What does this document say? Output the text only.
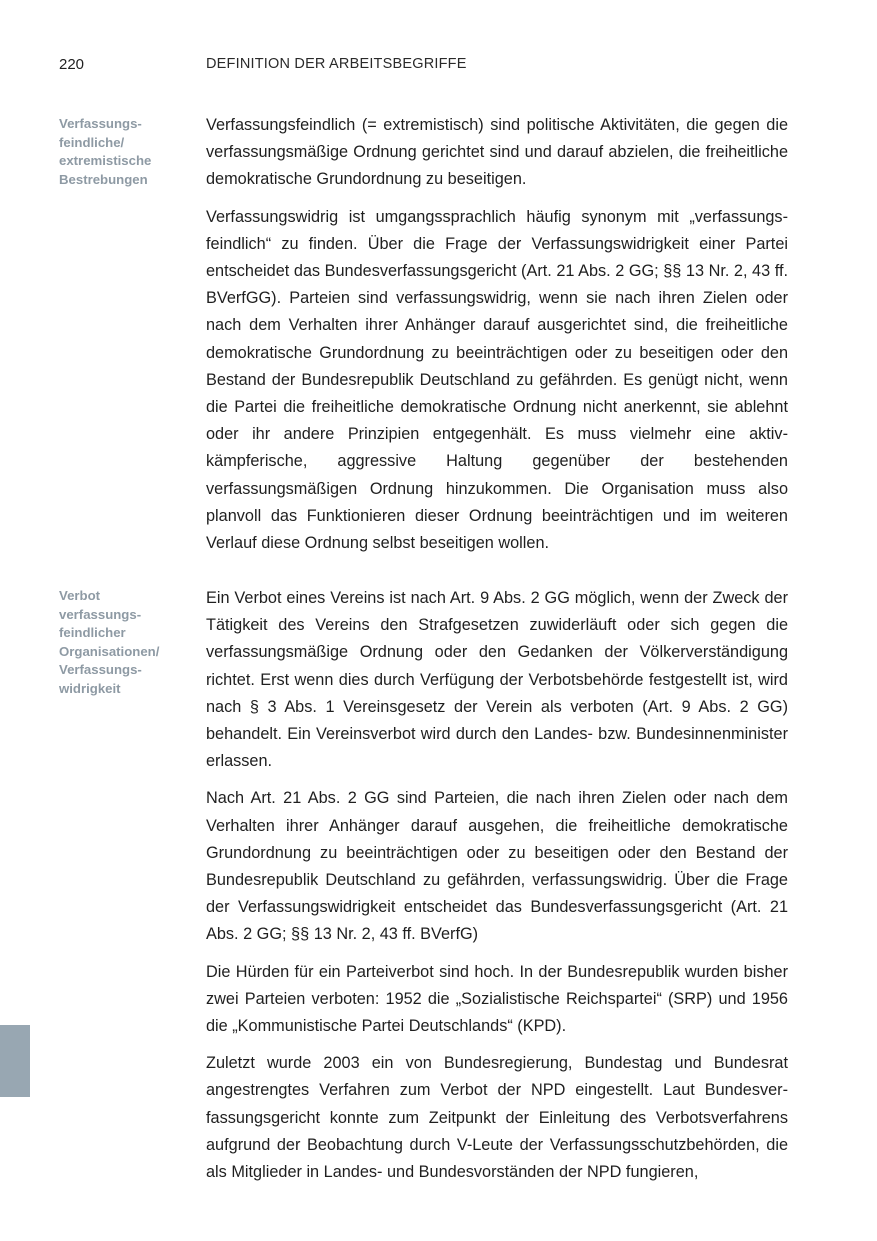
220	DEFINITION DER ARBEITSBEGRIFFE
Verfassungs-
feindliche/
extremistische
Bestrebungen

Verfassungsfeindlich (= extremistisch) sind politische Aktivitäten, die gegen die verfassungsmäßige Ordnung gerichtet sind und darauf abzielen, die freiheitliche demokratische Grundordnung zu beseitigen.

Verfassungswidrig ist umgangssprachlich häufig synonym mit „verfassungsfeindlich“ zu finden. Über die Frage der Verfassungswidrigkeit einer Partei entscheidet das Bundesverfassungsgericht (Art. 21 Abs. 2 GG; §§ 13 Nr. 2, 43 ff. BVerfGG). Parteien sind verfassungswidrig, wenn sie nach ihren Zielen oder nach dem Verhalten ihrer Anhänger darauf ausgerichtet sind, die freiheitliche demokratische Grundordnung zu beeinträchtigen oder zu beseitigen oder den Bestand der Bundesrepublik Deutschland zu gefährden. Es genügt nicht, wenn die Partei die freiheitliche demokratische Ordnung nicht anerkennt, sie ablehnt oder ihr andere Prinzipien entgegenhält. Es muss vielmehr eine aktiv-kämpferische, aggressive Haltung gegenüber der bestehenden verfassungsmäßigen Ordnung hinzukommen. Die Organisation muss also planvoll das Funktionieren dieser Ordnung beeinträchtigen und im weiteren Verlauf diese Ordnung selbst beseitigen wollen.

Verbot
verfassungs-
feindlicher
Organisationen/
Verfassungs-
widrigkeit

Ein Verbot eines Vereins ist nach Art. 9 Abs. 2 GG möglich, wenn der Zweck der Tätigkeit des Vereins den Strafgesetzen zuwiderläuft oder sich gegen die verfassungsmäßige Ordnung oder den Gedanken der Völkerverständigung richtet. Erst wenn dies durch Verfügung der Verbotsbehörde festgestellt ist, wird nach § 3 Abs. 1 Vereinsgesetz der Verein als verboten (Art. 9 Abs. 2 GG) behandelt. Ein Vereinsverbot wird durch den Landes- bzw. Bundesinnenminister erlassen.

Nach Art. 21 Abs. 2 GG sind Parteien, die nach ihren Zielen oder nach dem Verhalten ihrer Anhänger darauf ausgehen, die freiheitliche demokratische Grundordnung zu beeinträchtigen oder zu beseitigen oder den Bestand der Bundesrepublik Deutschland zu gefährden, verfassungswidrig. Über die Frage der Verfassungswidrigkeit entscheidet das Bundesverfassungsgericht (Art. 21 Abs. 2 GG; §§ 13 Nr. 2, 43 ff. BVerfG)

Die Hürden für ein Parteiverbot sind hoch. In der Bundesrepublik wurden bisher zwei Parteien verboten: 1952 die „Sozialistische Reichspartei“ (SRP) und 1956 die „Kommunistische Partei Deutschlands“ (KPD).

Zuletzt wurde 2003 ein von Bundesregierung, Bundestag und Bundesrat angestrengtes Verfahren zum Verbot der NPD eingestellt. Laut Bundesverfassungsgericht konnte zum Zeitpunkt der Einleitung des Verbotsverfahrens aufgrund der Beobachtung durch V-Leute der Verfassungsschutzbehörden, die als Mitglieder in Landes- und Bundesvorständen der NPD fungieren,
